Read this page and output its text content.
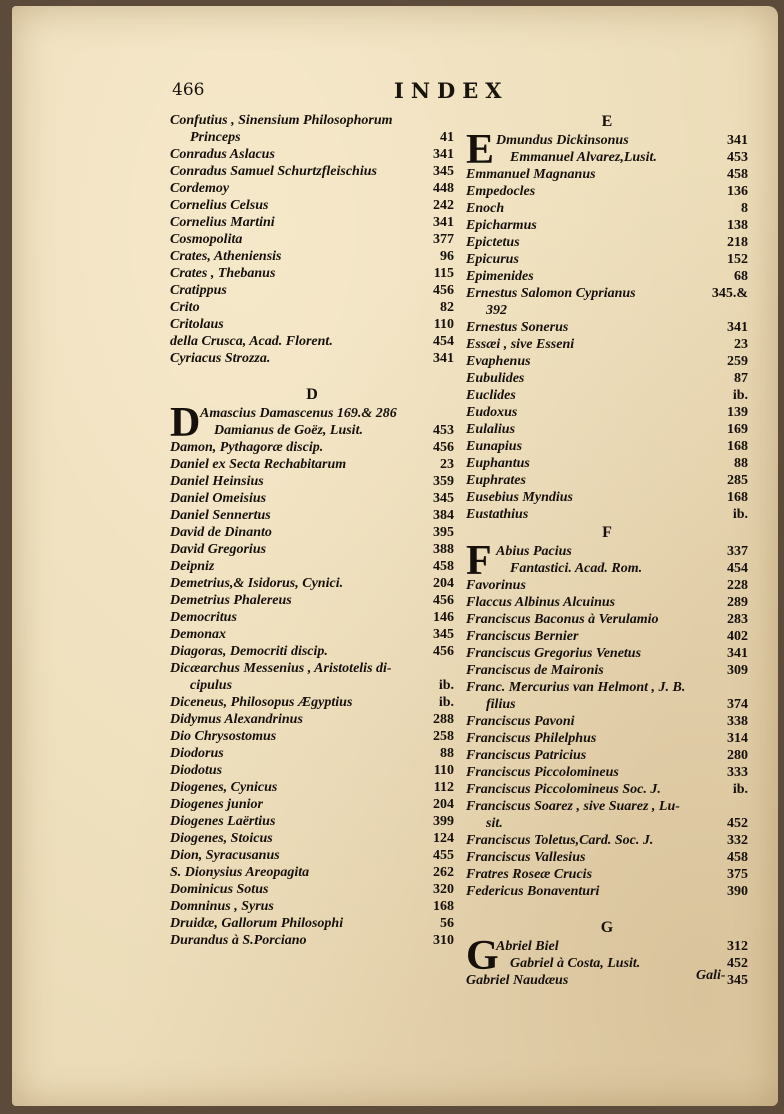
466	INDEX
Confutius , Sinensium Philosophorum
Princeps	41
Conradus Aslacus	341
Conradus Samuel Schurtzfleischius	345
Cordemoy	448
Cornelius Celsus	242
Cornelius Martini	341
Cosmopolita	377
Crates, Atheniensis	96
Crates , Thebanus	115
Cratippus	456
Crito	82
Critolaus	110
della Crusca, Acad. Florent.	454
Cyriacus Strozza.	341
D
D Amascius Damascenus 169.& 286
Damianus de Goëz, Lusit.	453
Damon, Pythagoræ discip.	456
Daniel ex Secta Rechabitarum	23
Daniel Heinsius	359
Daniel Omeisius	345
Daniel Sennertus	384
David de Dinanto	395
David Gregorius	388
Deipniz	458
Demetrius,& Isidorus, Cynici.	204
Demetrius Phalereus	456
Democritus	146
Demonax	345
Diagoras, Democriti discip.	456
Dicæarchus Messenius , Aristotelis di-
cipulus	ib.
Diceneus, Philosopus Ægyptius	ib.
Didymus Alexandrinus	288
Dio Chrysostomus	258
Diodorus	88
Diodotus	110
Diogenes, Cynicus	112
Diogenes junior	204
Diogenes Laërtius	399
Diogenes, Stoicus	124
Dion, Syracusanus	455
S. Dionysius Areopagita	262
Dominicus Sotus	320
Domninus , Syrus	168
Druidæ, Gallorum Philosophi	56
Durandus à S.Porciano	310
E
E Dmundus Dickinsonus	341
Emmanuel Alvarez,Lusit.	453
Emmanuel Magnanus	458
Empedocles	136
Enoch	8
Epicharmus	138
Epictetus	218
Epicurus	152
Epimenides	68
Ernestus Salomon Cyprianus	345.&
392
Ernestus Sonerus	341
Essæi , sive Esseni	23
Evaphenus	259
Eubulides	87
Euclides	ib.
Eudoxus	139
Eulalius	169
Eunapius	168
Euphantus	88
Euphrates	285
Eusebius Myndius	168
Eustathius	ib.
F
F Abius Pacius	337
Fantastici. Acad. Rom.	454
Favorinus	228
Flaccus Albinus Alcuinus	289
Franciscus Baconus à Verulamio	283
Franciscus Bernier	402
Franciscus Gregorius Venetus	341
Franciscus de Maironis	309
Franc. Mercurius van Helmont , J. B.
filius	374
Franciscus Pavoni	338
Franciscus Philelphus	314
Franciscus Patricius	280
Franciscus Piccolomineus	333
Franciscus Piccolomineus Soc. J.	ib.
Franciscus Soarez , sive Suarez , Lu-
sit.	452
Franciscus Toletus,Card. Soc. J.	332
Franciscus Vallesius	458
Fratres Roseæ Crucis	375
Federicus Bonaventuri	390
G
G
Abriel Biel	312
Gabriel à Costa, Lusit.	452
Gabriel Naudæus	345
Gali-
